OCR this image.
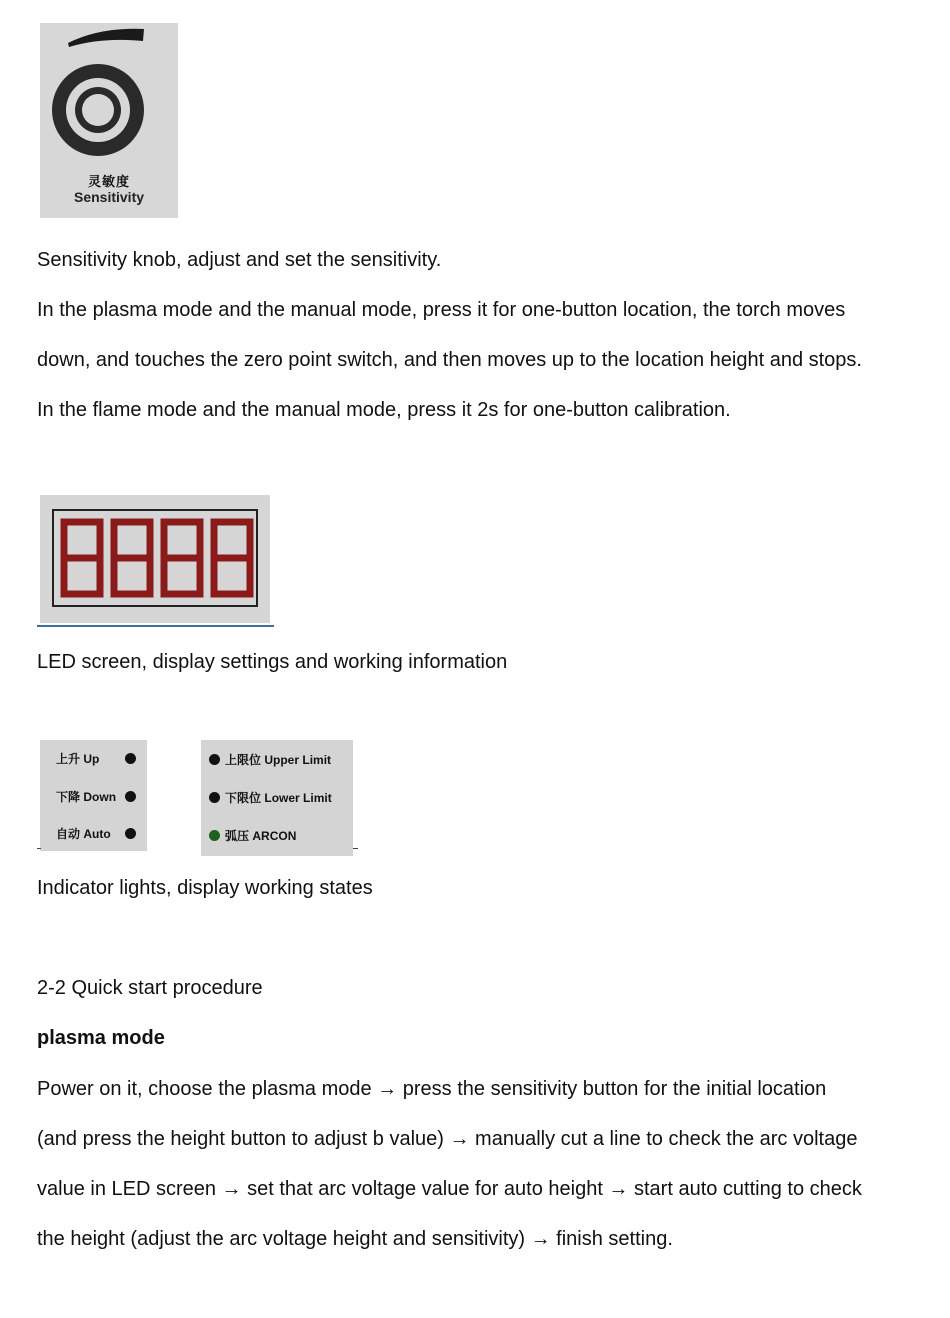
灵敏度
Sensitivity
Sensitivity knob, adjust and set the sensitivity.
In the plasma mode and the manual mode, press it for one-button location, the torch moves
down, and touches the zero point switch, and then moves up to the location height and stops.
In the flame mode and the manual mode, press it 2s for one-button calibration.
LED screen, display settings and working information
上升 Up
下降 Down
自动 Auto
上限位 Upper Limit
下限位 Lower Limit
弧压 ARCON
Indicator lights, display working states
2-2 Quick start procedure
plasma mode
Power on it, choose the plasma mode → press the sensitivity button for the initial location
(and press the height button to adjust b value) → manually cut a line to check the arc voltage
value in LED screen → set that arc voltage value for auto height → start auto cutting to check
the height (adjust the arc voltage height and sensitivity) → finish setting.
